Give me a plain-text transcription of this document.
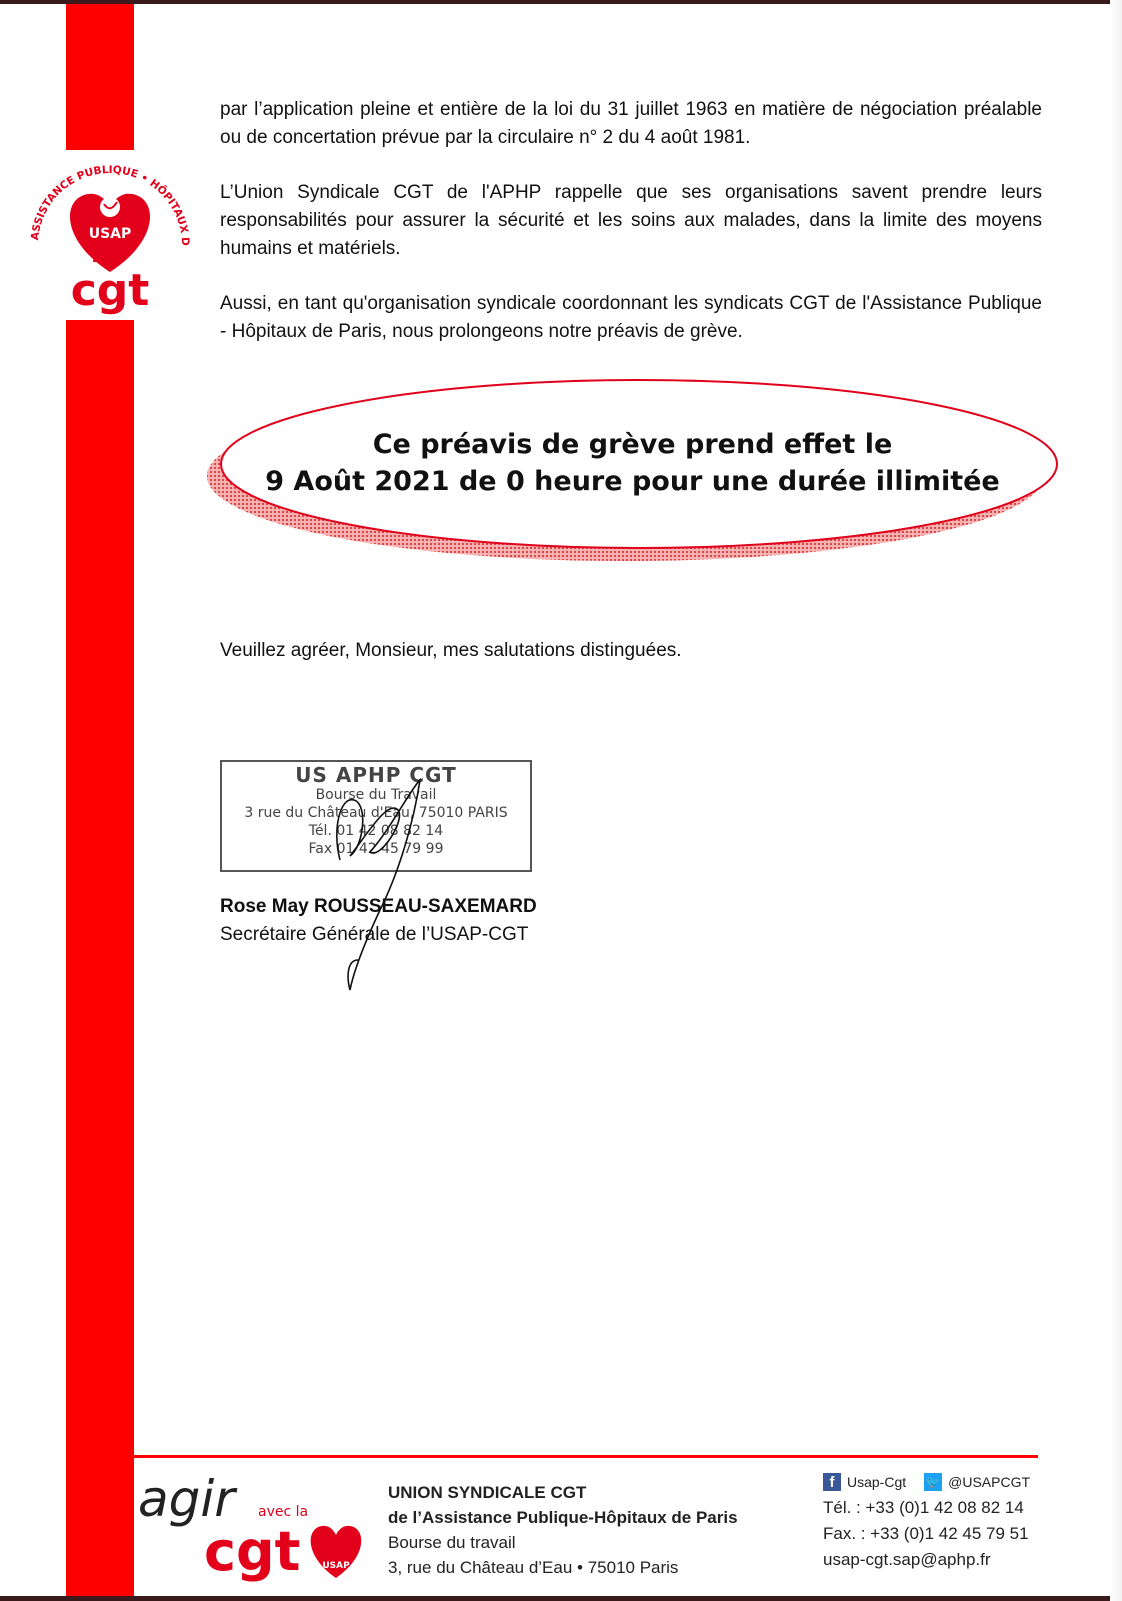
ASSISTANCE PUBLIQUE • HÔPITAUX D
USAP
la
cgt
par l’application pleine et entière de la loi du 31 juillet 1963 en matière de négociation préalable ou de concertation prévue par la circulaire n° 2 du 4 août 1981.
L’Union Syndicale CGT de l'APHP rappelle que ses organisations savent prendre leurs responsabilités pour assurer la sécurité et les soins aux malades, dans la limite des moyens humains et matériels.
Aussi, en tant qu'organisation syndicale coordonnant les syndicats CGT de l'Assistance Publique - Hôpitaux de Paris, nous prolongeons notre préavis de grève.
Ce préavis de grève prend effet le
9 Août 2021 de 0 heure pour une durée illimitée
Veuillez agréer, Monsieur, mes salutations distinguées.
US APHP CGT
Bourse du Travail
3 rue du Château d'Eau, 75010 PARIS
Tél. 01 42 08 82 14
Fax 01 42 45 79 99
Rose May ROUSSEAU-SAXEMARD
Secrétaire Générale de l’USAP-CGT
agir avec la
cgt USAP
UNION SYNDICALE CGT
de l’Assistance Publique-Hôpitaux de Paris
Bourse du travail
3, rue du Château d’Eau • 75010 Paris
f Usap-Cgt 🐦 @USAPCGT
Tél. : +33 (0)1 42 08 82 14
Fax. : +33 (0)1 42 45 79 51
usap-cgt.sap@aphp.fr
